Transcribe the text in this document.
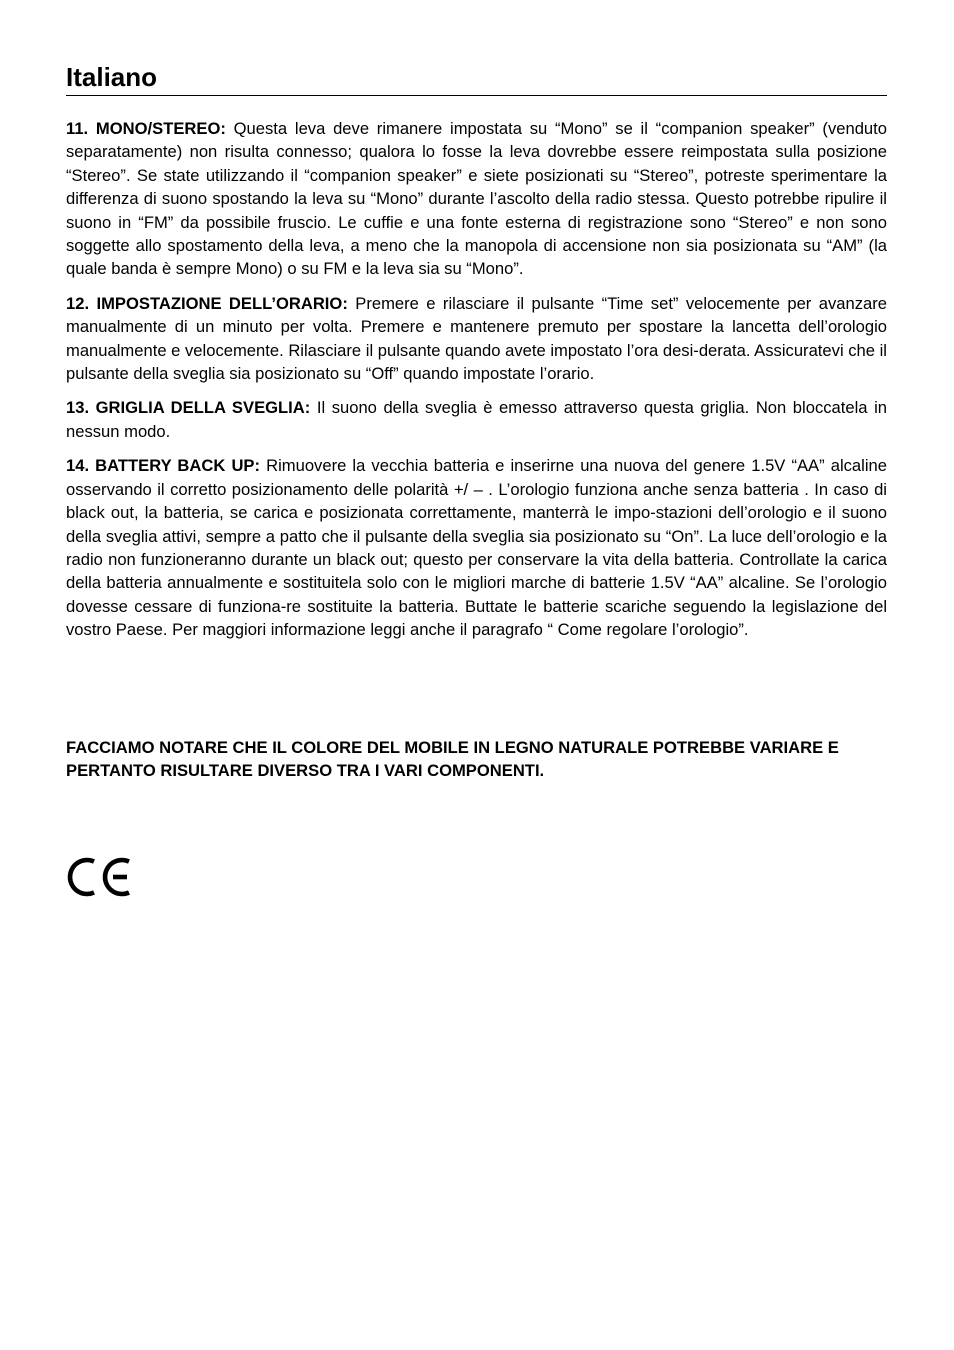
Italiano

11. MONO/STEREO: Questa leva deve rimanere impostata su “Mono” se il “companion speaker” (venduto separatamente) non risulta connesso; qualora lo fosse la leva dovrebbe essere reimpostata sulla posizione “Stereo”. Se state utilizzando il “companion speaker” e siete posizionati su “Stereo”, potreste sperimentare la differenza di suono spostando la leva su “Mono” durante l’ascolto della radio stessa. Questo potrebbe ripulire il suono in “FM” da possibile fruscio. Le cuffie e una fonte esterna di registrazione sono “Stereo” e non sono soggette allo spostamento della leva, a meno che la manopola di accensione non sia posizionata su “AM” (la quale banda è sempre Mono) o su FM e la leva sia su “Mono”.

12. IMPOSTAZIONE DELL’ORARIO: Premere e rilasciare il pulsante “Time set” velocemente per avanzare manualmente di un minuto per volta. Premere e mantenere premuto per spostare la lancetta dell’orologio manualmente e velocemente. Rilasciare il pulsante quando avete impostato l’ora desi-derata. Assicuratevi che il pulsante della sveglia sia posizionato su “Off” quando impostate l’orario.

13. GRIGLIA DELLA SVEGLIA: Il suono della sveglia è emesso attraverso questa griglia. Non bloccatela in nessun modo.

14. BATTERY BACK UP: Rimuovere la vecchia batteria e inserirne una nuova del genere 1.5V “AA” alcaline osservando il corretto posizionamento delle polarità +/ – . L’orologio funziona anche senza batteria . In caso di black out, la batteria, se carica e posizionata correttamente, manterrà le impo-stazioni dell’orologio e il suono della sveglia attivi, sempre a patto che il pulsante della sveglia sia posizionato su “On”. La luce dell’orologio e la radio non funzioneranno durante un black out; questo per conservare la vita della batteria. Controllate la carica della batteria annualmente e sostituitela solo con le migliori marche di batterie 1.5V “AA” alcaline. Se l’orologio dovesse cessare di funziona-re sostituite la batteria. Buttate le batterie scariche seguendo la legislazione del vostro Paese. Per maggiori informazione leggi anche il paragrafo “ Come regolare l’orologio”.

FACCIAMO NOTARE CHE IL COLORE DEL MOBILE IN LEGNO NATURALE POTREBBE VARIARE E PERTANTO RISULTARE DIVERSO TRA I VARI COMPONENTI.
